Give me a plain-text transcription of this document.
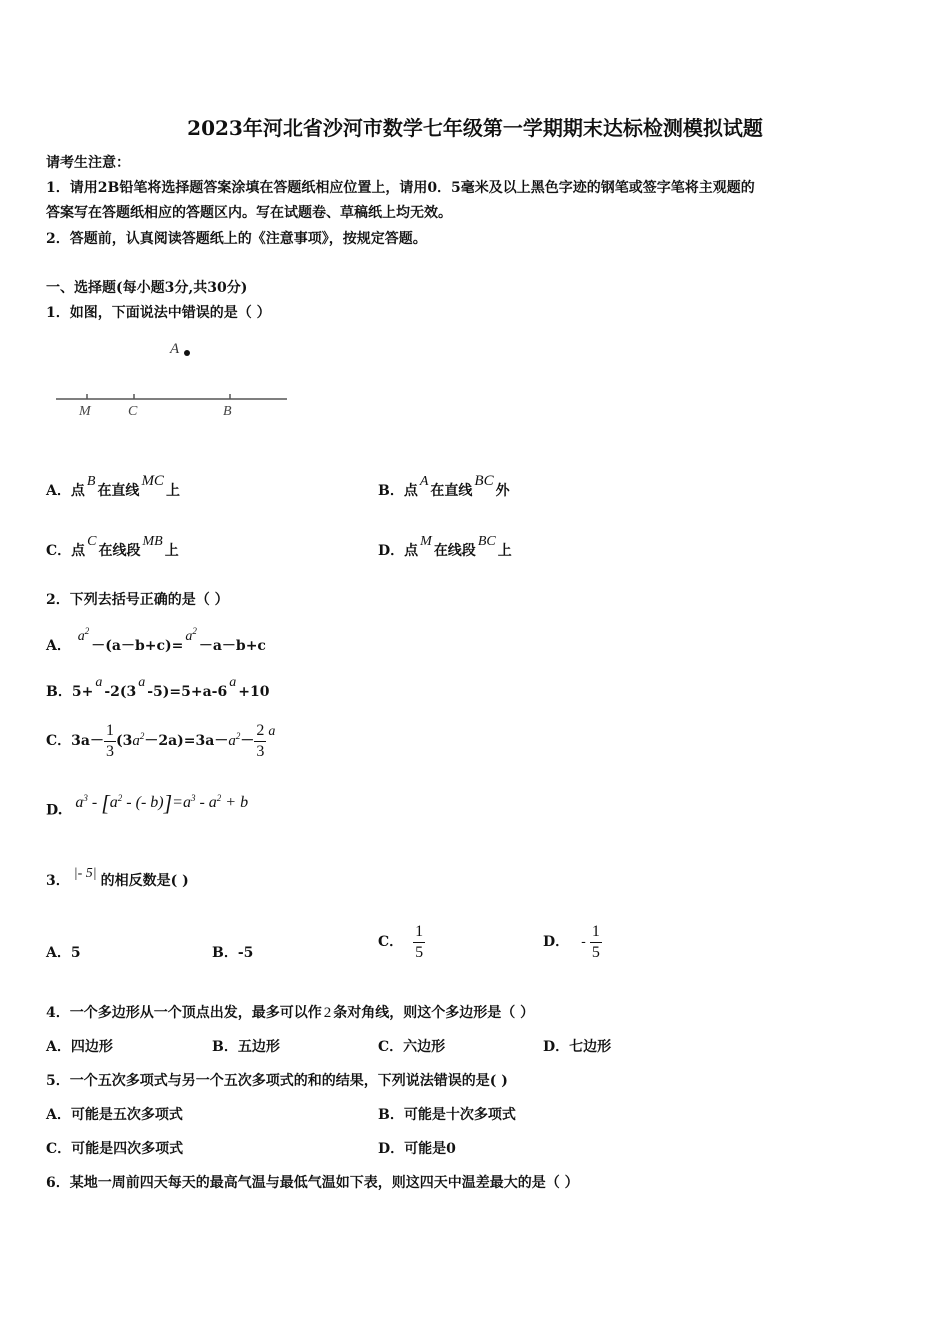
2023年河北省沙河市数学七年级第一学期期末达标检测模拟试题
请考生注意：
1．请用2B铅笔将选择题答案涂填在答题纸相应位置上，请用0．5毫米及以上黑色字迹的钢笔或签字笔将主观题的
答案写在答题纸相应的答题区内。写在试题卷、草稿纸上均无效。
2．答题前，认真阅读答题纸上的《注意事项》，按规定答题。
一、选择题(每小题3分,共30分)
1．如图，下面说法中错误的是（ ）
A
M	C	B
A．点B在直线MC上	B．点A在直线BC外
C．点C在线段MB上	D．点M在线段BC上
2．下列去括号正确的是（ ）
A． $a^2-(a-b+c)=a^2-a-b+c$
B．5+a-2(3a-5)=5+a-6a+10
C．$3a- \frac{1}{3} (3a^2-2a)=3a-a^2- \frac{2}{3}$ a
D. $a^3 - [a^2$ - (- $b)]=a^3 - a^2 + b$
3． |- 5| 的相反数是( )
A．5	B．-5
C． $\frac{1}{5}$	D． - $\frac{1}{5}$
4．一个多边形从一个顶点出发，最多可以作 2 条对角线，则这个多边形是（ ）
A．四边形	B．五边形	C．六边形	D．七边形
5．一个五次多项式与另一个五次多项式的和的结果，下列说法错误的是( )
A．可能是五次多项式	B．可能是十次多项式
C．可能是四次多项式	D．可能是0
6．某地一周前四天每天的最高气温与最低气温如下表，则这四天中温差最大的是（ ）
